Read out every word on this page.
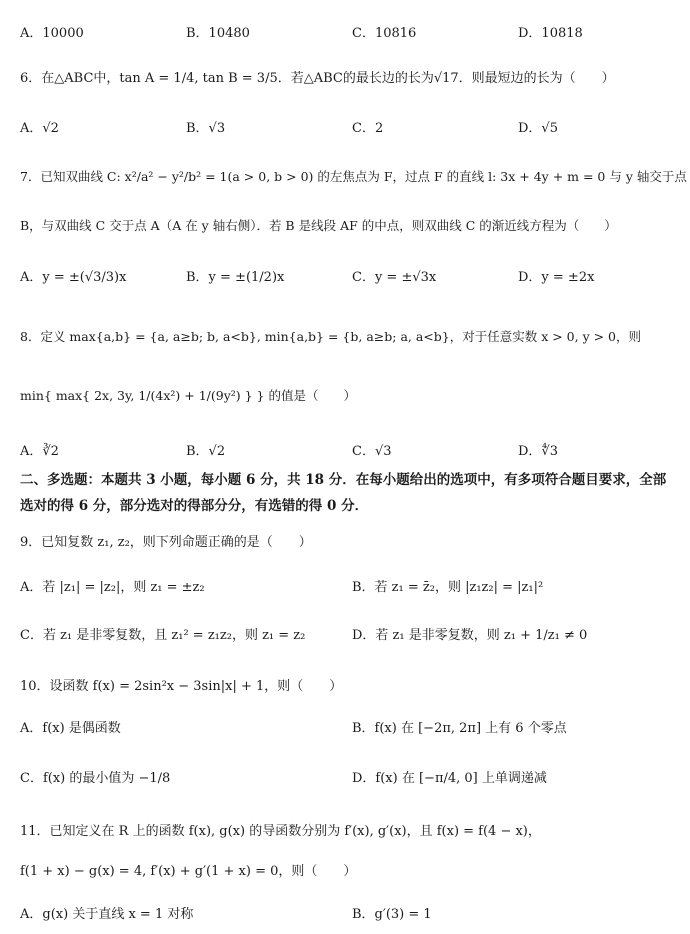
A．10000	B．10480	C．10816	D．10818
6．在△ABC中，tan A = 1/4, tan B = 3/5．若△ABC的最长边的长为√17．则最短边的长为（　　）
A．√2	B．√3	C．2	D．√5
7．已知双曲线 C: x²/a² − y²/b² = 1(a > 0, b > 0) 的左焦点为 F，过点 F 的直线 l: 3x + 4y + m = 0 与 y 轴交于点
B，与双曲线 C 交于点 A（A 在 y 轴右侧）．若 B 是线段 AF 的中点，则双曲线 C 的渐近线方程为（　　）
A．y = ±(√3/3)x	B．y = ±(1/2)x	C．y = ±√3x	D．y = ±2x
8．定义 max{a,b} = {a, a≥b; b, a<b}, min{a,b} = {b, a≥b; a, a<b}，对于任意实数 x > 0, y > 0，则
min{ max{ 2x, 3y, 1/(4x²) + 1/(9y²) } } 的值是（　　）
A．∛2	B．√2	C．√3	D．∜3
二、多选题：本题共 3 小题，每小题 6 分，共 18 分．在每小题给出的选项中，有多项符合题目要求，全部选对的得 6 分，部分选对的得部分分，有选错的得 0 分．
9．已知复数 z₁, z₂，则下列命题正确的是（　　）
A．若 |z₁| = |z₂|，则 z₁ = ±z₂	B．若 z₁ = z̄₂，则 |z₁z₂| = |z₁|²
C．若 z₁ 是非零复数，且 z₁² = z₁z₂，则 z₁ = z₂	D．若 z₁ 是非零复数，则 z₁ + 1/z₁ ≠ 0
10．设函数 f(x) = 2sin²x − 3sin|x| + 1，则（　　）
A．f(x) 是偶函数	B．f(x) 在 [−2π, 2π] 上有 6 个零点
C．f(x) 的最小值为 −1/8	D．f(x) 在 [−π/4, 0] 上单调递减
11．已知定义在 R 上的函数 f(x), g(x) 的导函数分别为 f′(x), g′(x)，且 f(x) = f(4 − x)，
f(1 + x) − g(x) = 4, f′(x) + g′(1 + x) = 0，则（　　）
A．g(x) 关于直线 x = 1 对称	B．g′(3) = 1
